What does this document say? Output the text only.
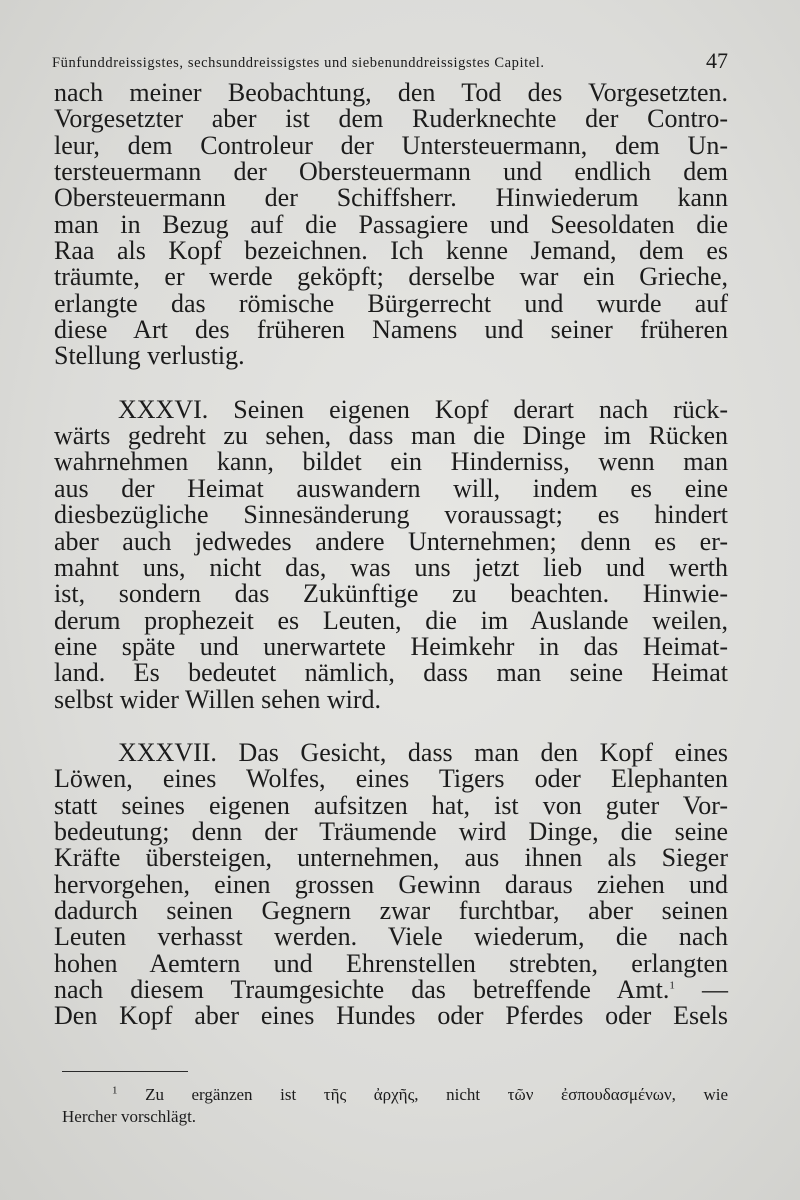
Fünfunddreissigstes, sechsunddreissigstes und siebenunddreissigstes Capitel.	47
nach meiner Beobachtung, den Tod des Vorgesetzten.
Vorgesetzter aber ist dem Ruderknechte der Contro-
leur, dem Controleur der Untersteuermann, dem Un-
tersteuermann der Obersteuermann und endlich dem
Obersteuermann der Schiffsherr. Hinwiederum kann
man in Bezug auf die Passagiere und Seesoldaten die
Raa als Kopf bezeichnen. Ich kenne Jemand, dem es
träumte, er werde geköpft; derselbe war ein Grieche,
erlangte das römische Bürgerrecht und wurde auf
diese Art des früheren Namens und seiner früheren
Stellung verlustig.
XXXVI. Seinen eigenen Kopf derart nach rück-
wärts gedreht zu sehen, dass man die Dinge im Rücken
wahrnehmen kann, bildet ein Hinderniss, wenn man
aus der Heimat auswandern will, indem es eine
diesbezügliche Sinnesänderung voraussagt; es hindert
aber auch jedwedes andere Unternehmen; denn es er-
mahnt uns, nicht das, was uns jetzt lieb und werth
ist, sondern das Zukünftige zu beachten. Hinwie-
derum prophezeit es Leuten, die im Auslande weilen,
eine späte und unerwartete Heimkehr in das Heimat-
land. Es bedeutet nämlich, dass man seine Heimat
selbst wider Willen sehen wird.
XXXVII. Das Gesicht, dass man den Kopf eines
Löwen, eines Wolfes, eines Tigers oder Elephanten
statt seines eigenen aufsitzen hat, ist von guter Vor-
bedeutung; denn der Träumende wird Dinge, die seine
Kräfte übersteigen, unternehmen, aus ihnen als Sieger
hervorgehen, einen grossen Gewinn daraus ziehen und
dadurch seinen Gegnern zwar furchtbar, aber seinen
Leuten verhasst werden. Viele wiederum, die nach
hohen Aemtern und Ehrenstellen strebten, erlangten
nach diesem Traumgesichte das betreffende Amt.$^1$ —
Den Kopf aber eines Hundes oder Pferdes oder Esels
$^1$ Zu ergänzen ist τῆς ἀρχῆς, nicht τῶν ἐσπουδασμένων, wie
Hercher vorschlägt.
